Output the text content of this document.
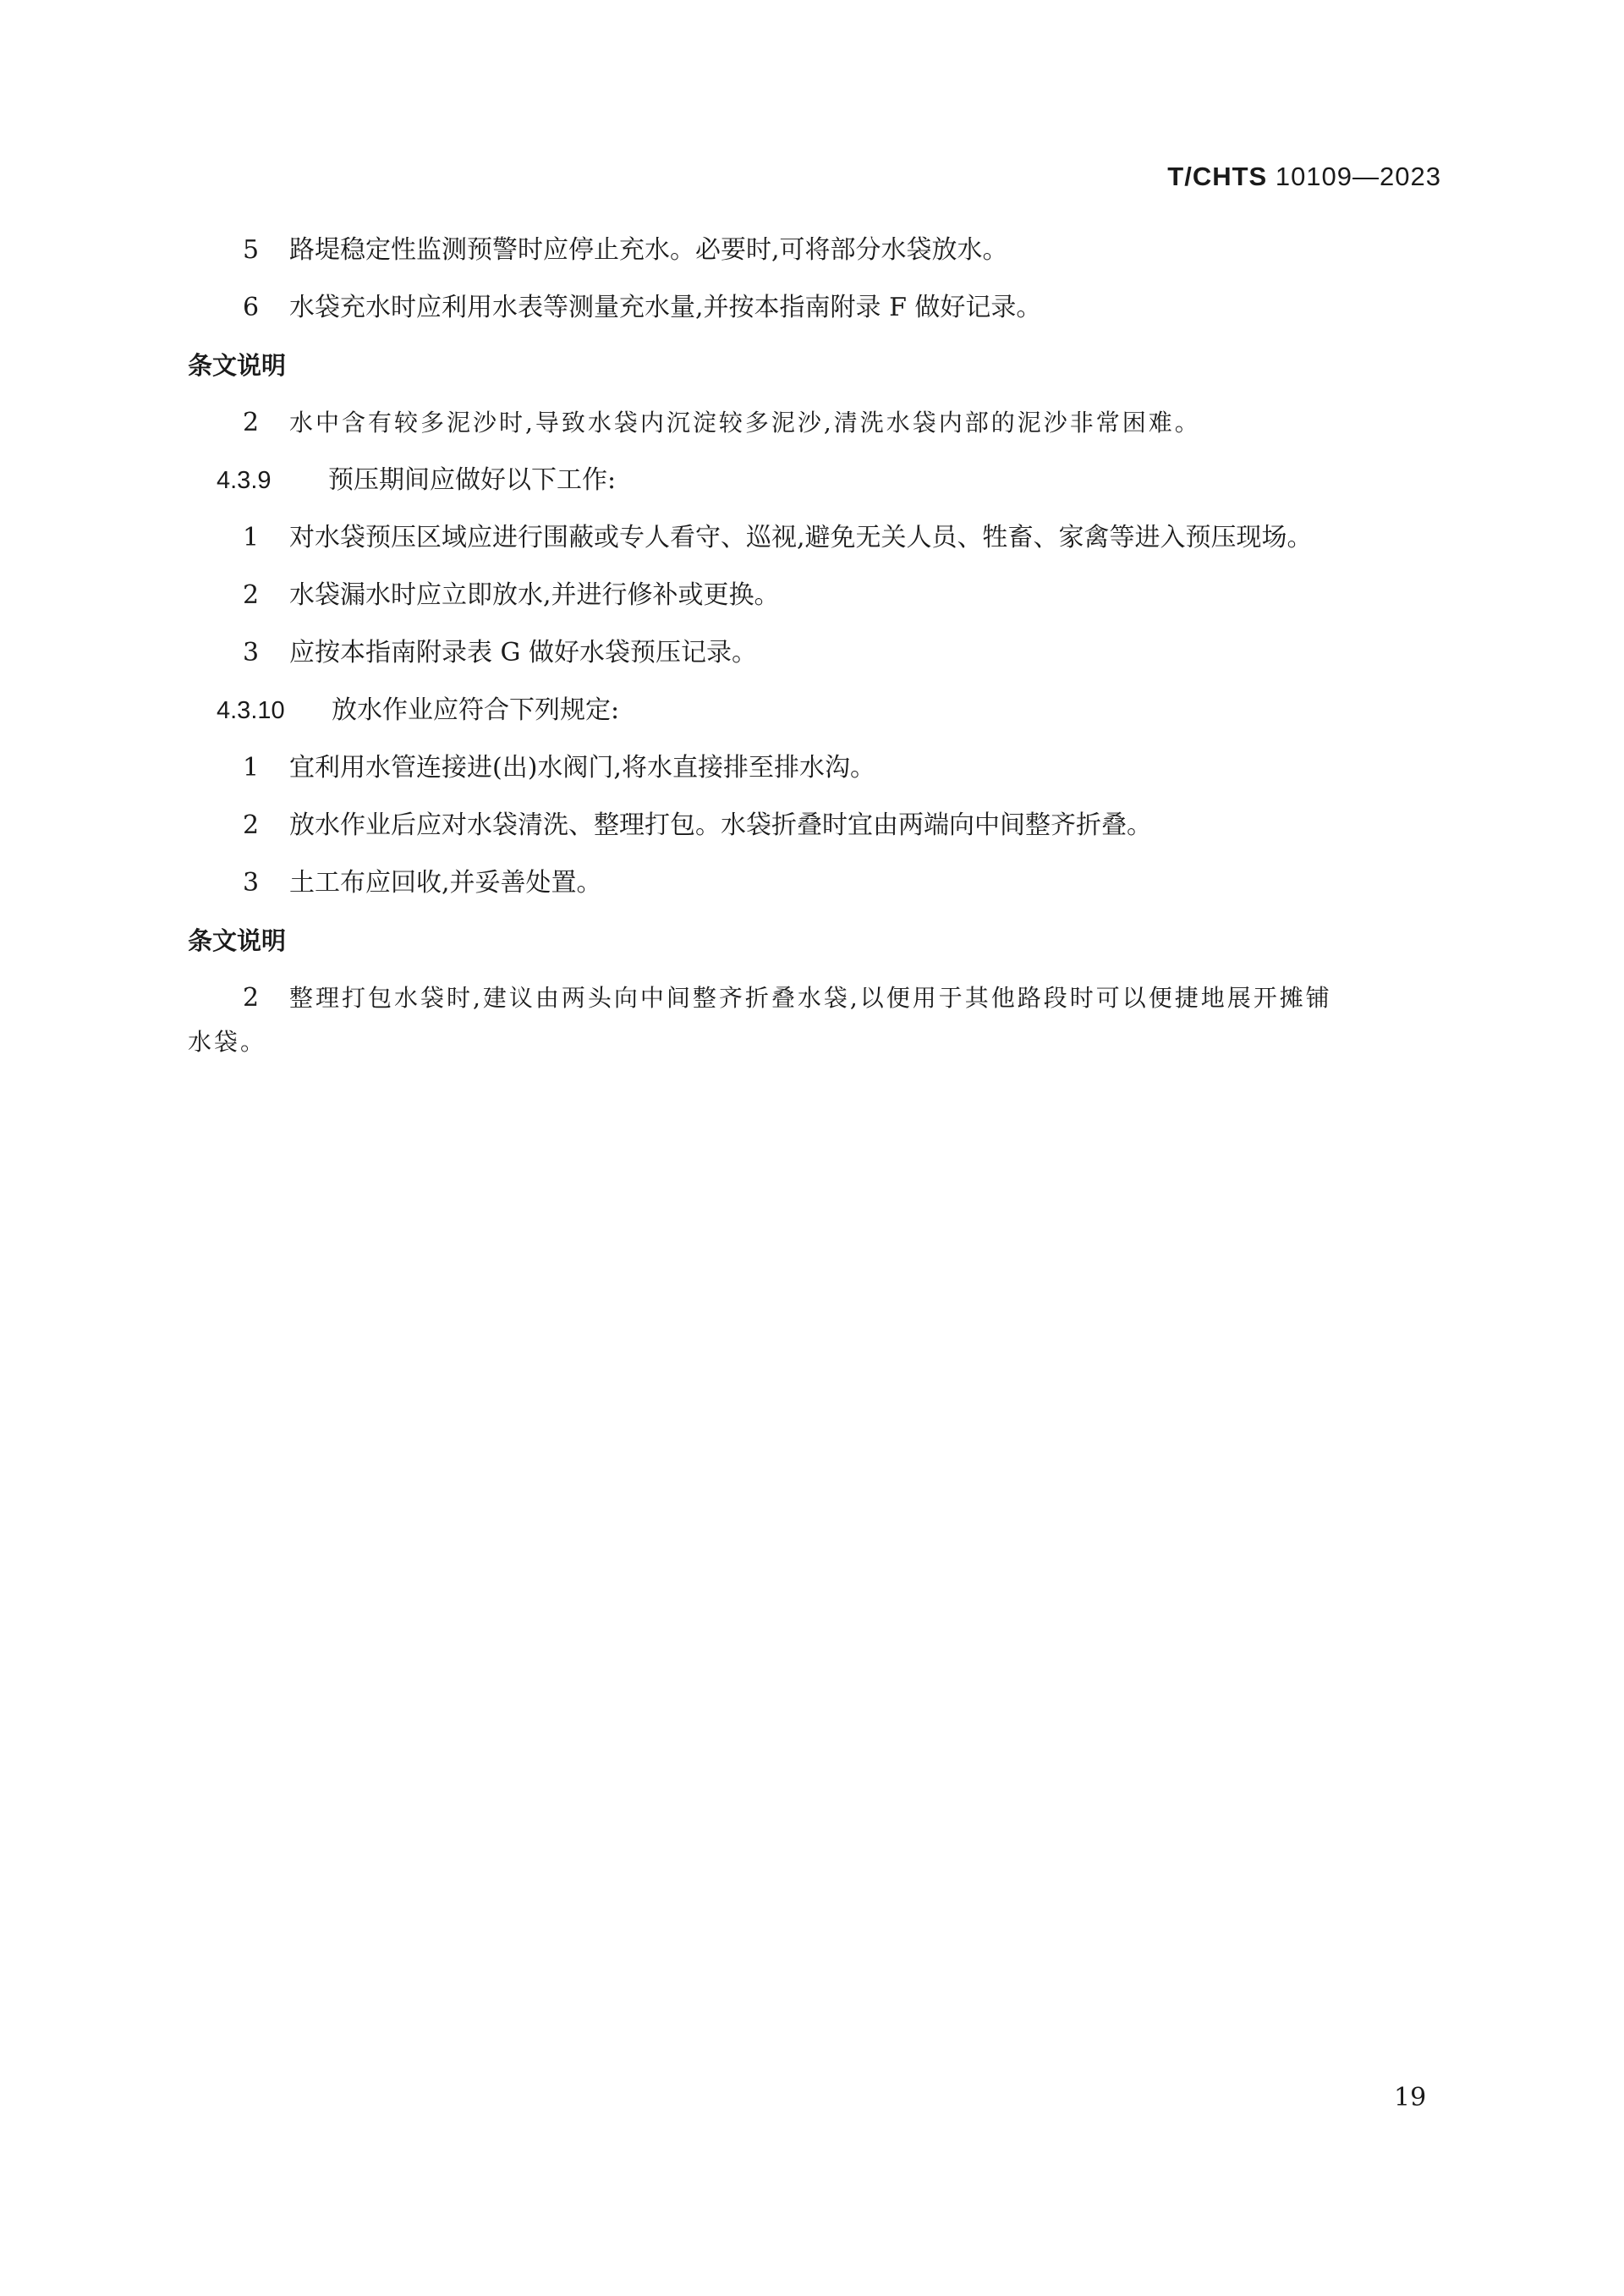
T/CHTS 10109—2023
5 路堤稳定性监测预警时应停止充水。必要时,可将部分水袋放水。
6 水袋充水时应利用水表等测量充水量,并按本指南附录 F 做好记录。
条文说明
2 水中含有较多泥沙时,导致水袋内沉淀较多泥沙,清洗水袋内部的泥沙非常困难。
4.3.9 预压期间应做好以下工作:
1 对水袋预压区域应进行围蔽或专人看守、巡视,避免无关人员、牲畜、家禽等进入预压现场。
2 水袋漏水时应立即放水,并进行修补或更换。
3 应按本指南附录表 G 做好水袋预压记录。
4.3.10 放水作业应符合下列规定:
1 宜利用水管连接进(出)水阀门,将水直接排至排水沟。
2 放水作业后应对水袋清洗、整理打包。水袋折叠时宜由两端向中间整齐折叠。
3 土工布应回收,并妥善处置。
条文说明
2 整理打包水袋时,建议由两头向中间整齐折叠水袋,以便用于其他路段时可以便捷地展开摊铺
水袋。
19
